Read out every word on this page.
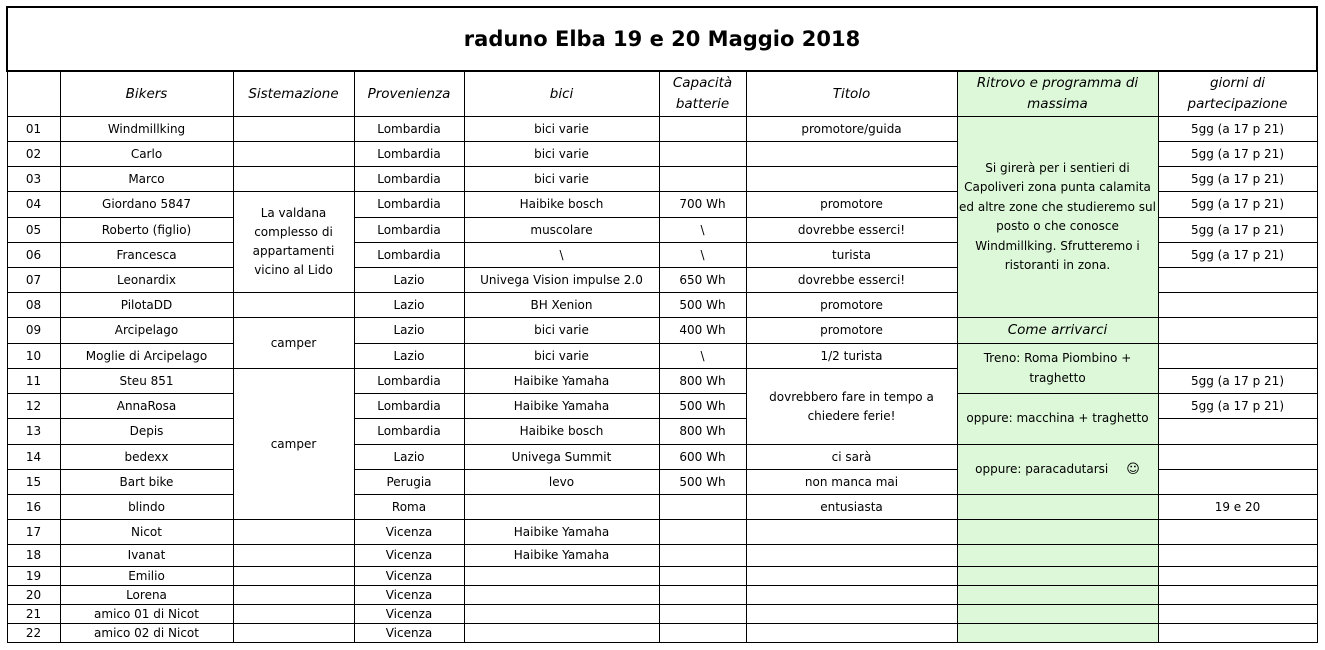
raduno Elba 19 e 20 Maggio 2018								
	Bikers	Sistemazione	Provenienza	bici	Capacità batterie	Titolo	Ritrovo e programma di massima	giorni di partecipazione
01	Windmillking		Lombardia	bici varie		promotore/guida	Si girerà per i sentieri di Capoliveri zona punta calamita ed altre zone che studieremo sul posto o che conosce Windmillking. Sfrutteremo i ristoranti in zona.	5gg (a 17 p 21)
02	Carlo		Lombardia	bici varie				5gg (a 17 p 21)
03	Marco		Lombardia	bici varie				5gg (a 17 p 21)
04	Giordano 5847	La valdana complesso di appartamenti vicino al Lido	Lombardia	Haibike bosch	700 Wh	promotore		5gg (a 17 p 21)
05	Roberto (figlio)		Lombardia	muscolare	\	dovrebbe esserci!		5gg (a 17 p 21)
06	Francesca		Lombardia	\	\	turista		5gg (a 17 p 21)
07	Leonardix		Lazio	Univega Vision impulse 2.0	650 Wh	dovrebbe esserci!		
08	PilotaDD		Lazio	BH Xenion	500 Wh	promotore		
09	Arcipelago	camper	Lazio	bici varie	400 Wh	promotore	Come arrivarci	
10	Moglie di Arcipelago		Lazio	bici varie	\	1/2 turista	Treno: Roma Piombino + traghetto	
11	Steu 851	camper	Lombardia	Haibike Yamaha	800 Wh	dovrebbero fare in tempo a chiedere ferie!		5gg (a 17 p 21)
12	AnnaRosa		Lombardia	Haibike Yamaha	500 Wh		oppure: macchina + traghetto	5gg (a 17 p 21)
13	Depis		Lombardia	Haibike bosch	800 Wh			
14	bedexx		Lazio	Univega Summit	600 Wh	ci sarà	oppure: paracadutarsi ☺	
15	Bart bike		Perugia	levo	500 Wh	non manca mai		
16	blindo		Roma			entusiasta		19 e 20
17	Nicot		Vicenza	Haibike Yamaha				
18	Ivanat		Vicenza	Haibike Yamaha				
19	Emilio		Vicenza					
20	Lorena		Vicenza					
21	amico 01 di Nicot		Vicenza					
22	amico 02 di Nicot		Vicenza					
